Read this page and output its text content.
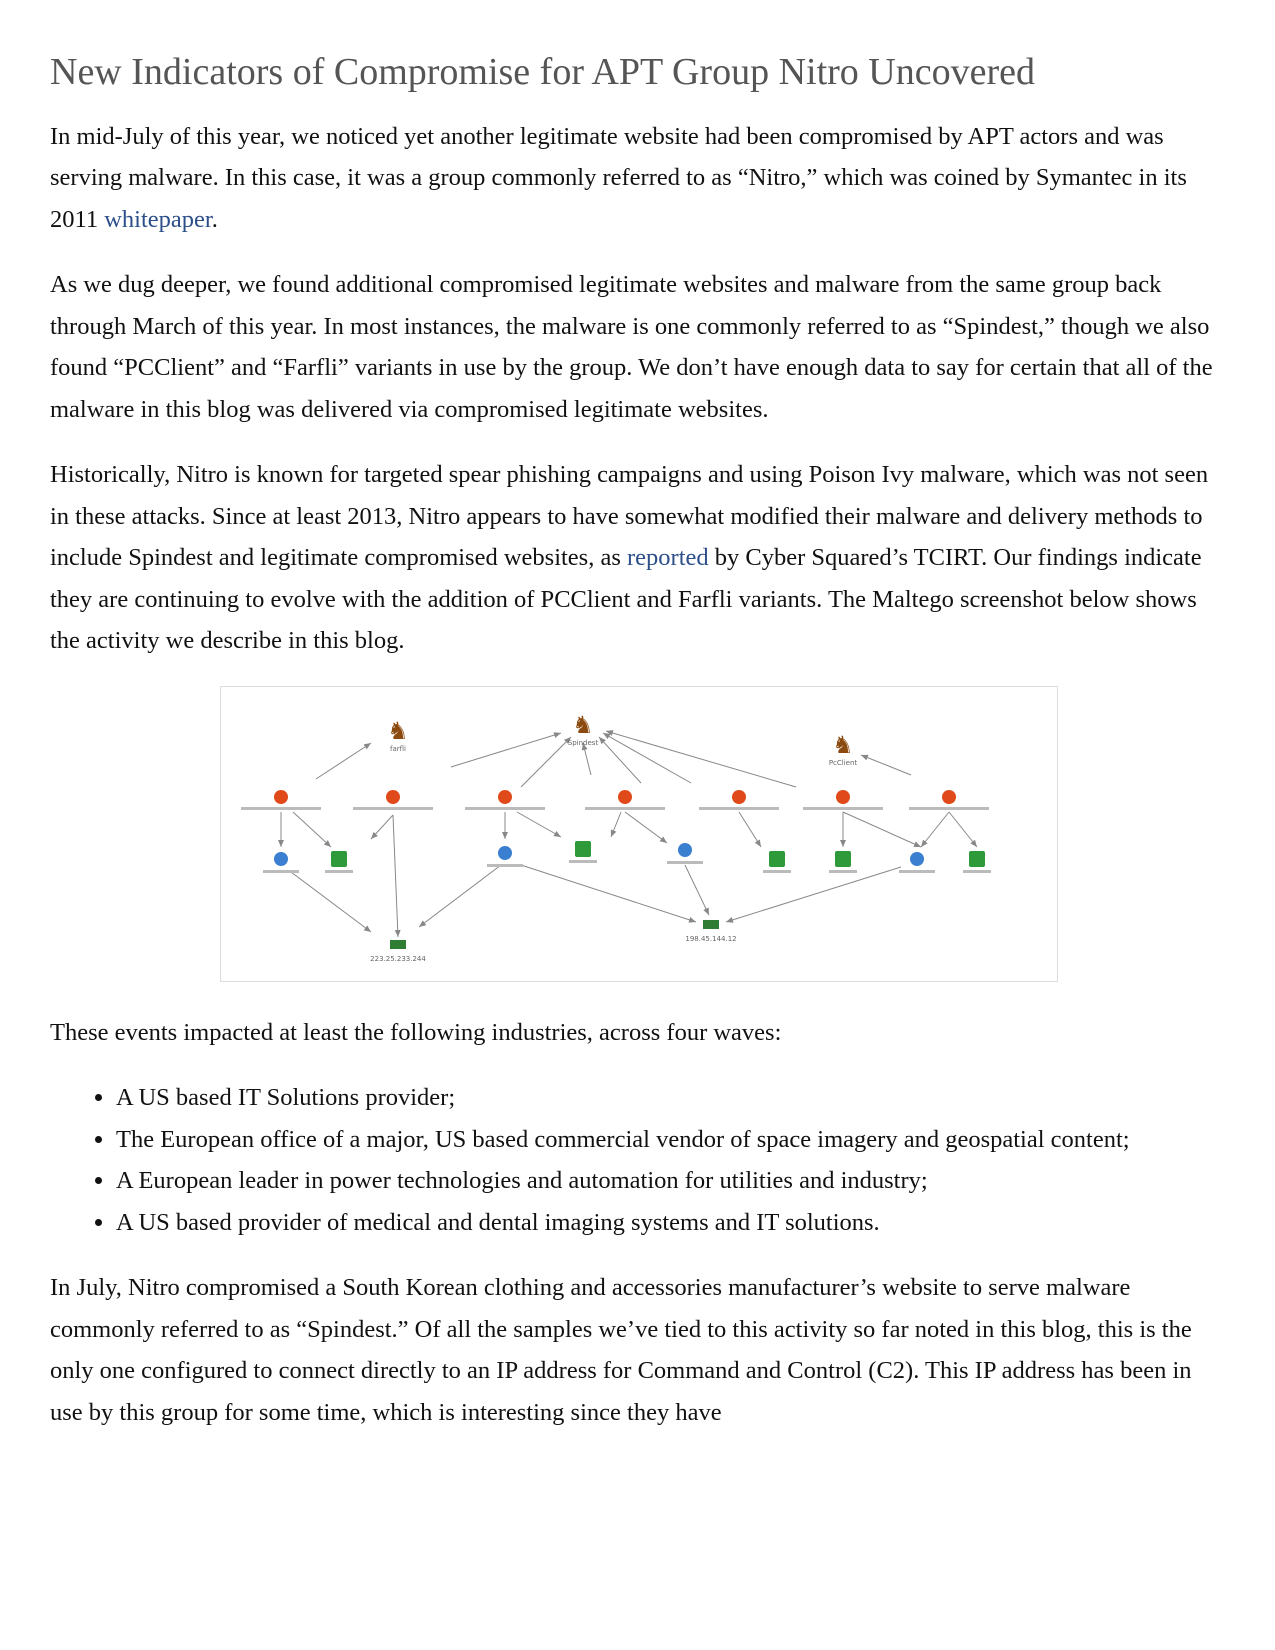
New Indicators of Compromise for APT Group Nitro Uncovered

In mid-July of this year, we noticed yet another legitimate website had been compromised by APT actors and was serving malware. In this case, it was a group commonly referred to as “Nitro,” which was coined by Symantec in its 2011 whitepaper.

As we dug deeper, we found additional compromised legitimate websites and malware from the same group back through March of this year. In most instances, the malware is one commonly referred to as “Spindest,” though we also found “PCClient” and “Farfli” variants in use by the group. We don’t have enough data to say for certain that all of the malware in this blog was delivered via compromised legitimate websites.

Historically, Nitro is known for targeted spear phishing campaigns and using Poison Ivy malware, which was not seen in these attacks. Since at least 2013, Nitro appears to have somewhat modified their malware and delivery methods to include Spindest and legitimate compromised websites, as reported by Cyber Squared’s TCIRT. Our findings indicate they are continuing to evolve with the addition of PCClient and Farfli variants. The Maltego screenshot below shows the activity we describe in this blog.

♞
farfli
♞
Spindest	♞
PcClient
223.25.233.244
198.45.144.12

These events impacted at least the following industries, across four waves:

• A US based IT Solutions provider;
• The European office of a major, US based commercial vendor of space imagery and geospatial content;
• A European leader in power technologies and automation for utilities and industry;
• A US based provider of medical and dental imaging systems and IT solutions.

In July, Nitro compromised a South Korean clothing and accessories manufacturer’s website to serve malware commonly referred to as “Spindest.” Of all the samples we’ve tied to this activity so far noted in this blog, this is the only one configured to connect directly to an IP address for Command and Control (C2). This IP address has been in use by this group for some time, which is interesting since they have
